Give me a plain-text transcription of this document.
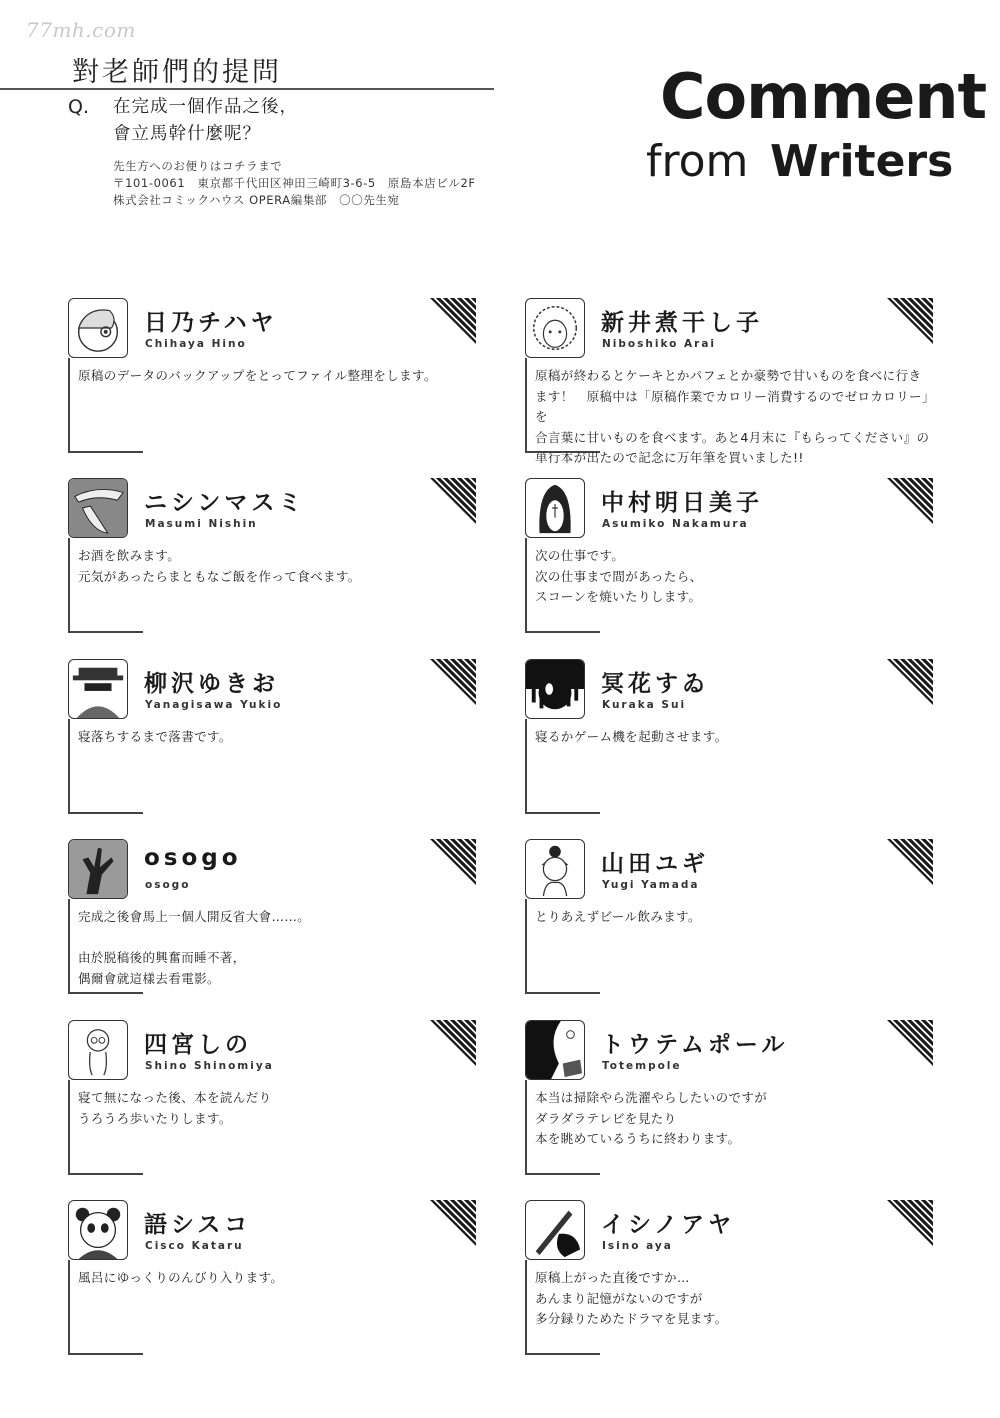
77mh.com
對老師們的提問
Q. 在完成一個作品之後，
會立馬幹什麼呢？
先生方へのお便りはコチラまで
〒101-0061　東京都千代田区神田三崎町3-6-5　原島本店ビル2F
株式会社コミックハウス OPERA編集部　〇〇先生宛
Comment
from Writers
日乃チハヤ
Chihaya Hino
原稿のデータのバックアップをとってファイル整理をします。
新井煮干し子
Niboshiko Arai
原稿が終わるとケーキとかパフェとか豪勢で甘いものを食べに行き
ます！　原稿中は「原稿作業でカロリー消費するのでゼロカロリー」を
合言葉に甘いものを食べます。あと4月末に『もらってください』の
単行本が出たので記念に万年筆を買いました!!
ニシンマスミ
Masumi Nishin
お酒を飲みます。
元気があったらまともなご飯を作って食べます。
中村明日美子
Asumiko Nakamura
次の仕事です。
次の仕事まで間があったら、
スコーンを焼いたりします。
柳沢ゆきお
Yanagisawa Yukio
寝落ちするまで落書です。
冥花すゐ
Kuraka Sui
寝るかゲーム機を起動させます。
osogo
osogo
完成之後會馬上一個人開反省大會……。
由於脱稿後的興奮而睡不著，
偶爾會就這樣去看電影。
山田ユギ
Yugi Yamada
とりあえずビール飲みます。
四宮しの
Shino Shinomiya
寝て無になった後、本を読んだり
うろうろ歩いたりします。
トウテムポール
Totempole
本当は掃除やら洗濯やらしたいのですが
ダラダラテレビを見たり
本を眺めているうちに終わります。
語シスコ
Cisco Kataru
風呂にゆっくりのんびり入ります。
イシノアヤ
Isino aya
原稿上がった直後ですか…
あんまり記憶がないのですが
多分録りためたドラマを見ます。
